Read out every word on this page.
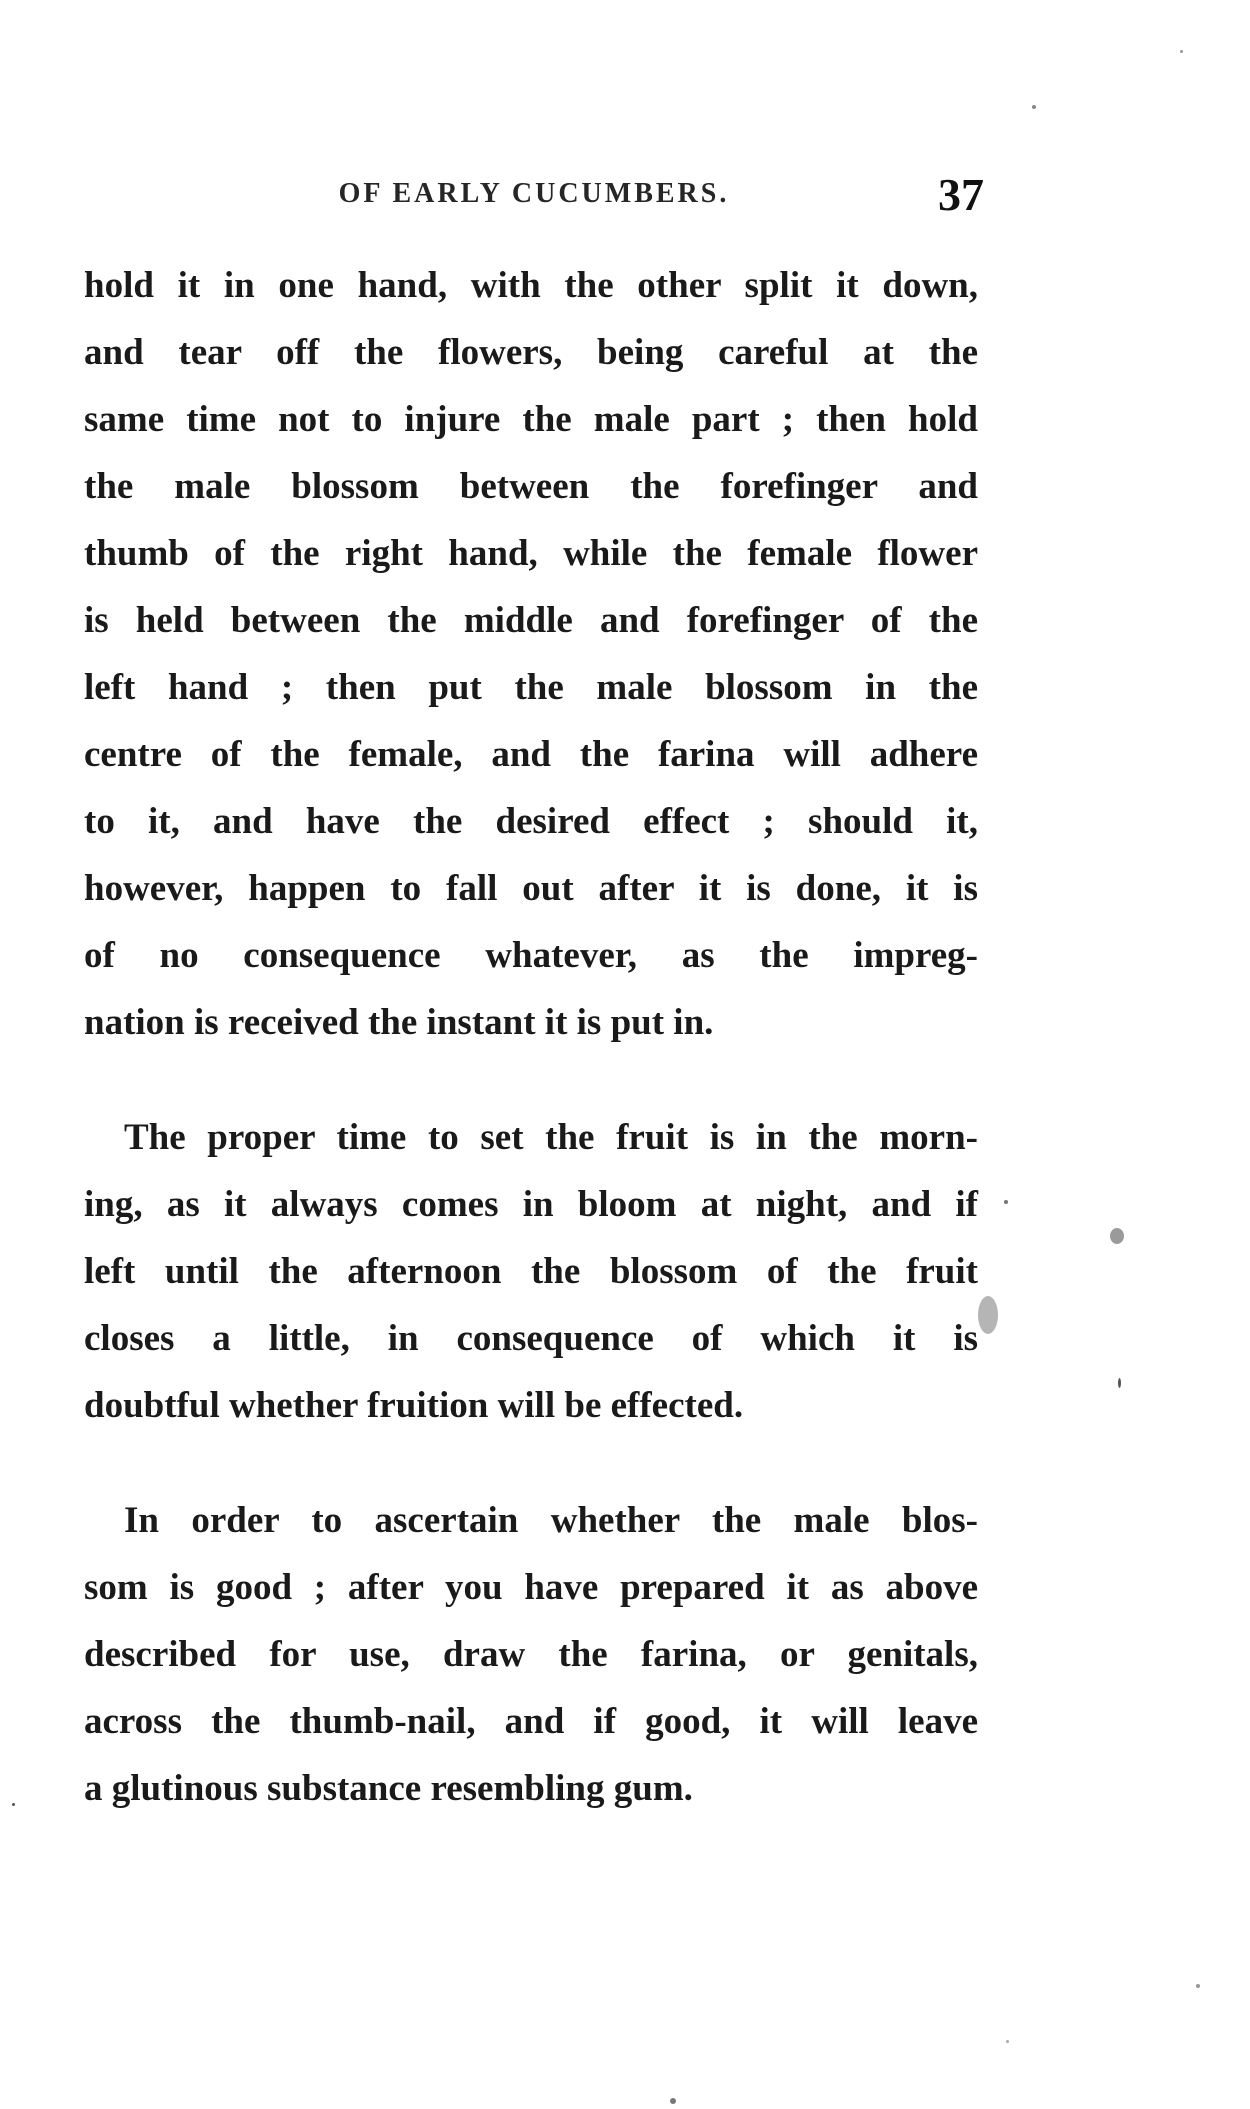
OF EARLY CUCUMBERS.	37
hold it in one hand, with the other split it down,
and tear off the flowers, being careful at the
same time not to injure the male part ; then hold
the male blossom between the forefinger and
thumb of the right hand, while the female flower
is held between the middle and forefinger of the
left hand ; then put the male blossom in the
centre of the female, and the farina will adhere
to it, and have the desired effect ; should it,
however, happen to fall out after it is done, it is
of no consequence whatever, as the impreg-
nation is received the instant it is put in.
The proper time to set the fruit is in the morn-
ing, as it always comes in bloom at night, and if
left until the afternoon the blossom of the fruit
closes a little, in consequence of which it is
doubtful whether fruition will be effected.
In order to ascertain whether the male blos-
som is good ; after you have prepared it as above
described for use, draw the farina, or genitals,
across the thumb-nail, and if good, it will leave
a glutinous substance resembling gum.
